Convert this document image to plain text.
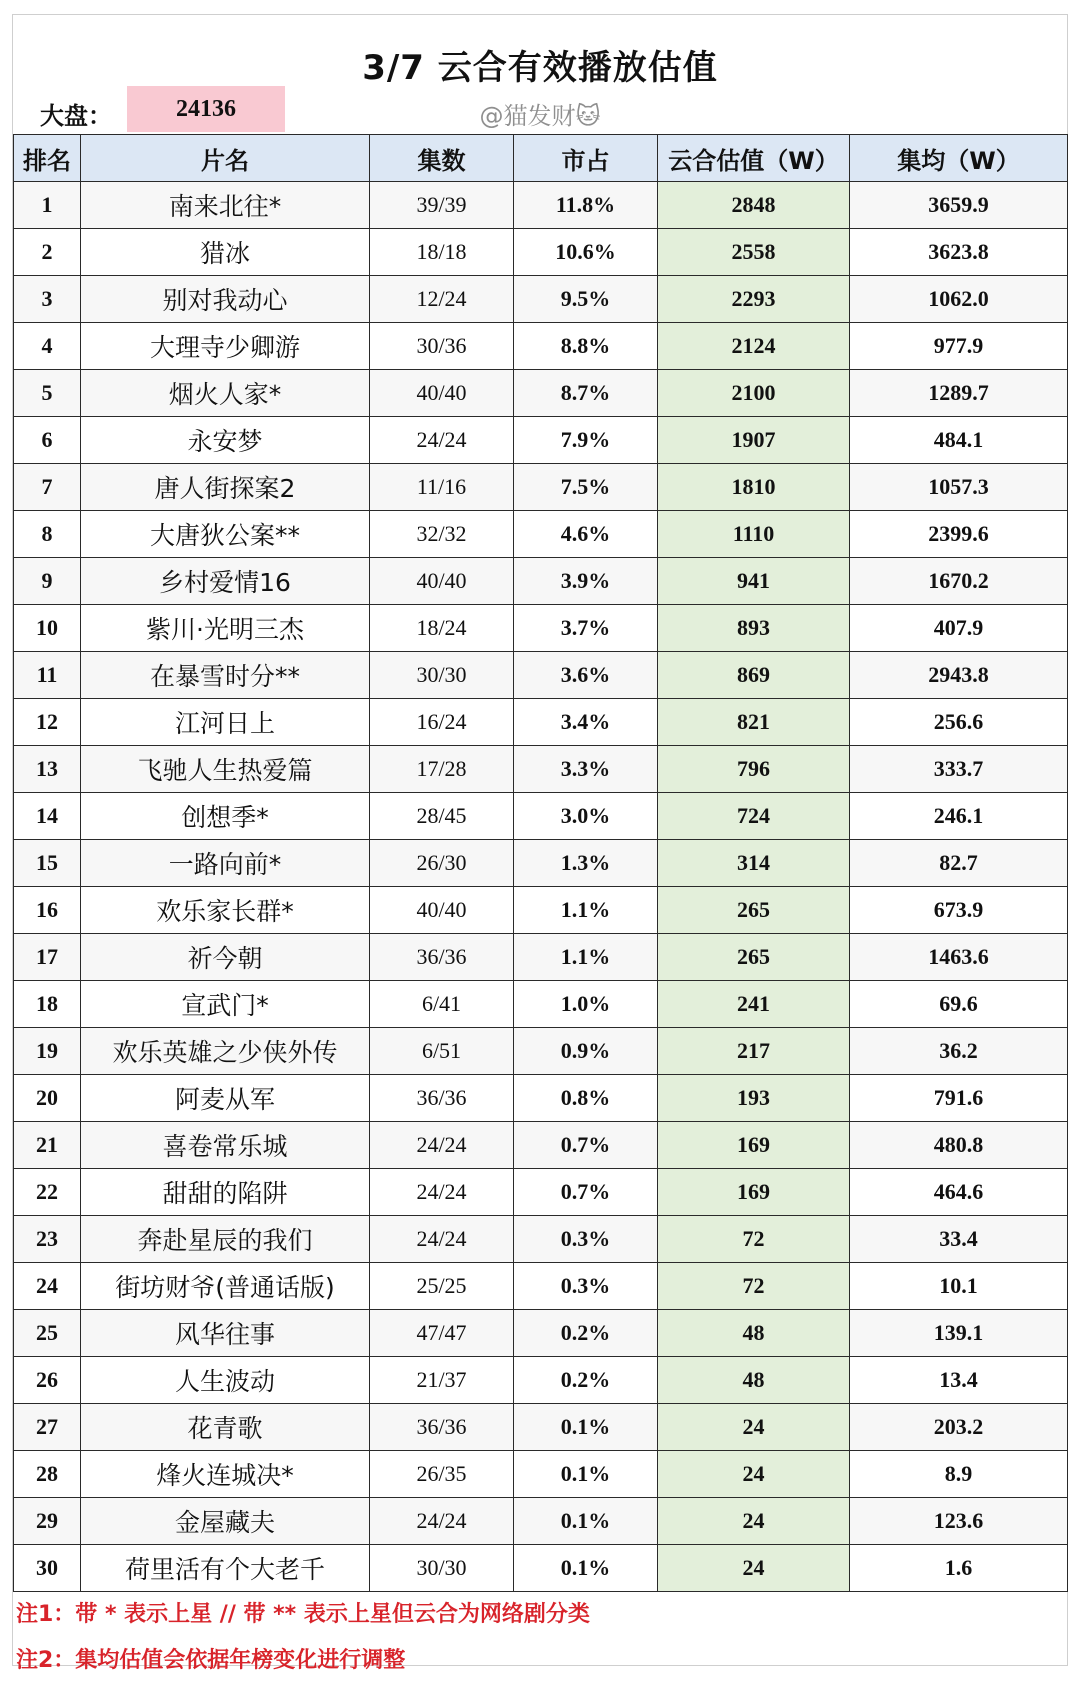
3/7 云合有效播放估值
大盘：	24136	@猫发财🐱
排名	片名	集数	市占	云合估值（W）	集均（W）
1	南来北往*	39/39	11.8%	2848	3659.9
2	猎冰	18/18	10.6%	2558	3623.8
3	别对我动心	12/24	9.5%	2293	1062.0
4	大理寺少卿游	30/36	8.8%	2124	977.9
5	烟火人家*	40/40	8.7%	2100	1289.7
6	永安梦	24/24	7.9%	1907	484.1
7	唐人街探案2	11/16	7.5%	1810	1057.3
8	大唐狄公案**	32/32	4.6%	1110	2399.6
9	乡村爱情16	40/40	3.9%	941	1670.2
10	紫川·光明三杰	18/24	3.7%	893	407.9
11	在暴雪时分**	30/30	3.6%	869	2943.8
12	江河日上	16/24	3.4%	821	256.6
13	飞驰人生热爱篇	17/28	3.3%	796	333.7
14	创想季*	28/45	3.0%	724	246.1
15	一路向前*	26/30	1.3%	314	82.7
16	欢乐家长群*	40/40	1.1%	265	673.9
17	祈今朝	36/36	1.1%	265	1463.6
18	宣武门*	6/41	1.0%	241	69.6
19	欢乐英雄之少侠外传	6/51	0.9%	217	36.2
20	阿麦从军	36/36	0.8%	193	791.6
21	喜卷常乐城	24/24	0.7%	169	480.8
22	甜甜的陷阱	24/24	0.7%	169	464.6
23	奔赴星辰的我们	24/24	0.3%	72	33.4
24	街坊财爷(普通话版)	25/25	0.3%	72	10.1
25	风华往事	47/47	0.2%	48	139.1
26	人生波动	21/37	0.2%	48	13.4
27	花青歌	36/36	0.1%	24	203.2
28	烽火连城决*	26/35	0.1%	24	8.9
29	金屋藏夫	24/24	0.1%	24	123.6
30	荷里活有个大老千	30/30	0.1%	24	1.6
注1：带 * 表示上星 // 带 ** 表示上星但云合为网络剧分类
注2：集均估值会依据年榜变化进行调整
